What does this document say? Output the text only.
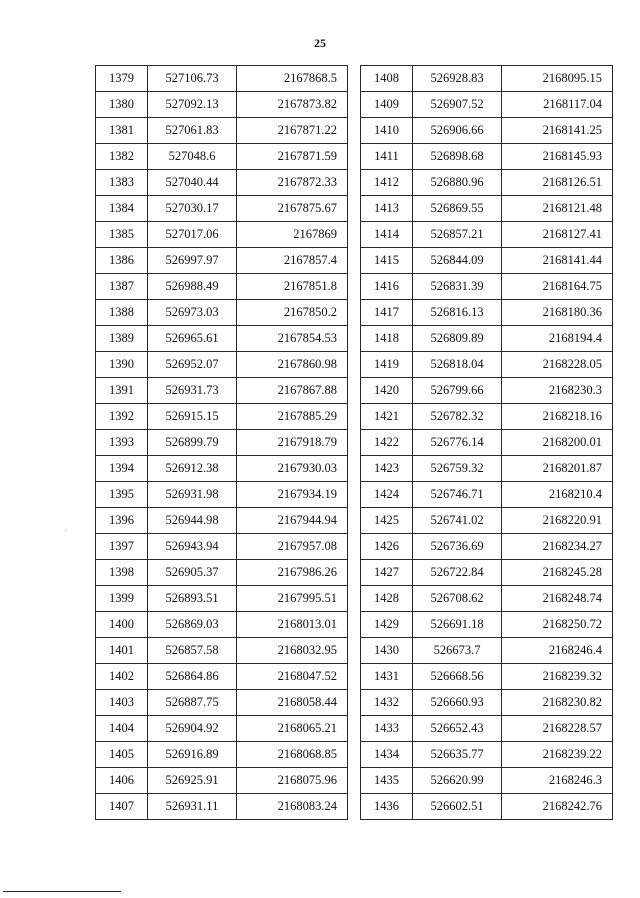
25
1379	527106.73	2167868.5
1380	527092.13	2167873.82
1381	527061.83	2167871.22
1382	527048.6	2167871.59
1383	527040.44	2167872.33
1384	527030.17	2167875.67
1385	527017.06	2167869
1386	526997.97	2167857.4
1387	526988.49	2167851.8
1388	526973.03	2167850.2
1389	526965.61	2167854.53
1390	526952.07	2167860.98
1391	526931.73	2167867.88
1392	526915.15	2167885.29
1393	526899.79	2167918.79
1394	526912.38	2167930.03
1395	526931.98	2167934.19
1396	526944.98	2167944.94
1397	526943.94	2167957.08
1398	526905.37	2167986.26
1399	526893.51	2167995.51
1400	526869.03	2168013.01
1401	526857.58	2168032.95
1402	526864.86	2168047.52
1403	526887.75	2168058.44
1404	526904.92	2168065.21
1405	526916.89	2168068.85
1406	526925.91	2168075.96
1407	526931.11	2168083.24
1408	526928.83	2168095.15
1409	526907.52	2168117.04
1410	526906.66	2168141.25
1411	526898.68	2168145.93
1412	526880.96	2168126.51
1413	526869.55	2168121.48
1414	526857.21	2168127.41
1415	526844.09	2168141.44
1416	526831.39	2168164.75
1417	526816.13	2168180.36
1418	526809.89	2168194.4
1419	526818.04	2168228.05
1420	526799.66	2168230.3
1421	526782.32	2168218.16
1422	526776.14	2168200.01
1423	526759.32	2168201.87
1424	526746.71	2168210.4
1425	526741.02	2168220.91
1426	526736.69	2168234.27
1427	526722.84	2168245.28
1428	526708.62	2168248.74
1429	526691.18	2168250.72
1430	526673.7	2168246.4
1431	526668.56	2168239.32
1432	526660.93	2168230.82
1433	526652.43	2168228.57
1434	526635.77	2168239.22
1435	526620.99	2168246.3
1436	526602.51	2168242.76
'
